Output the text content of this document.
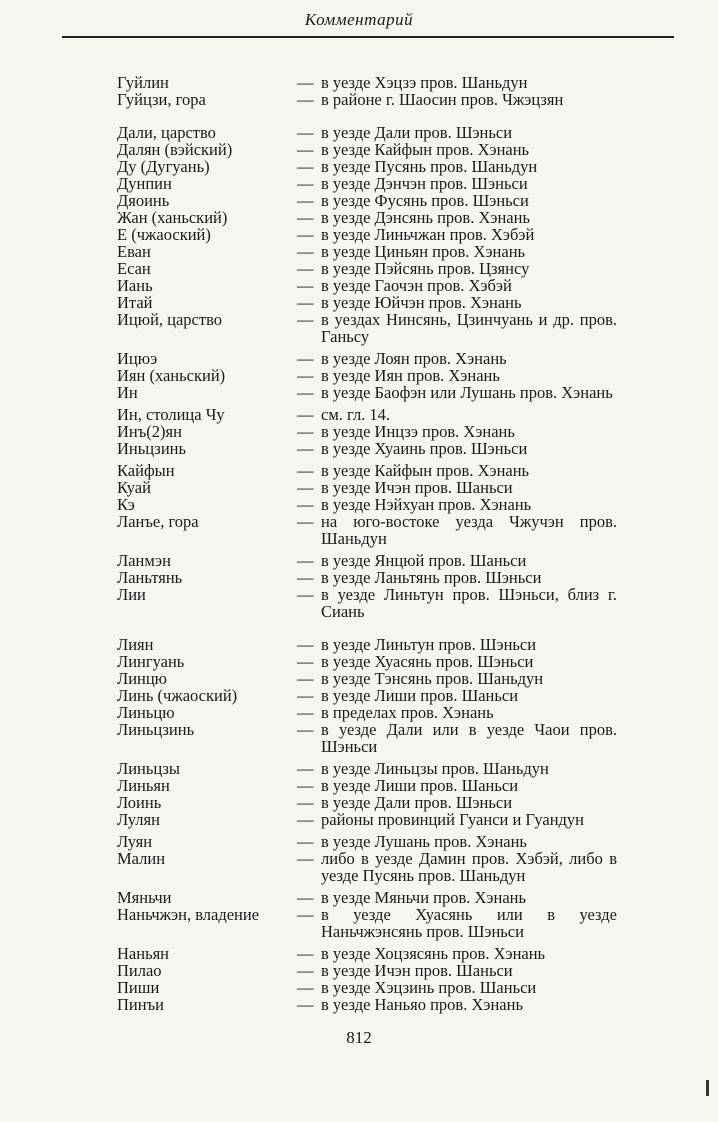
Комментарий
Гуйлин	— в уезде Хэцзэ пров. Шаньдун
Гуйцзи, гора	— в районе г. Шаосин пров. Чжэцзян
Дали, царство	— в уезде Дали пров. Шэньси
Далян (вэйский)	— в уезде Кайфын пров. Хэнань
Ду (Дугуань)	— в уезде Пусянь пров. Шаньдун
Дунпин	— в уезде Дэнчэн пров. Шэньси
Дяоинь	— в уезде Фусянь пров. Шэньси
Жан (ханьский)	— в уезде Дэнсянь пров. Хэнань
Е (чжаоский)	— в уезде Линьчжан пров. Хэбэй
Еван	— в уезде Циньян пров. Хэнань
Есан	— в уезде Пэйсянь пров. Цзянсу
Иань	— в уезде Гаочэн пров. Хэбэй
Итай	— в уезде Юйчэн пров. Хэнань
Ицюй, царство	— в уездах Нинсянь, Цзинчуань и др. пров. Ганьсу
Ицюэ	— в уезде Лоян пров. Хэнань
Иян (ханьский)	— в уезде Иян пров. Хэнань
Ин	— в уезде Баофэн или Лушань пров. Хэнань
Ин, столица Чу	— см. гл. 14.
Инъ(2)ян	— в уезде Инцзэ пров. Хэнань
Иньцзинь	— в уезде Хуаинь пров. Шэньси
Кайфын	— в уезде Кайфын пров. Хэнань
Куай	— в уезде Ичэн пров. Шаньси
Кэ	— в уезде Нэйхуан пров. Хэнань
Ланъе, гора	— на юго-востоке уезда Чжучэн пров. Шаньдун
Ланмэн	— в уезде Янцюй пров. Шаньси
Ланьтянь	— в уезде Ланьтянь пров. Шэньси
Лии	— в уезде Линьтун пров. Шэньси, близ г. Сиань
Лиян	— в уезде Линьтун пров. Шэньси
Лингуань	— в уезде Хуасянь пров. Шэньси
Линцю	— в уезде Тэнсянь пров. Шаньдун
Линь (чжаоский)	— в уезде Лиши пров. Шаньси
Линьцю	— в пределах пров. Хэнань
Линьцзинь	— в уезде Дали или в уезде Чаои пров. Шэньси
Линьцзы	— в уезде Линьцзы пров. Шаньдун
Линьян	— в уезде Лиши пров. Шаньси
Лоинь	— в уезде Дали пров. Шэньси
Лулян	— районы провинций Гуанси и Гуандун
Луян	— в уезде Лушань пров. Хэнань
Малин	— либо в уезде Дамин пров. Хэбэй, либо в уезде Пусянь пров. Шаньдун
Мяньчи	— в уезде Мяньчи пров. Хэнань
Наньчжэн, владение	— в уезде Хуасянь или в уезде Наньчжэнсянь пров. Шэньси
Наньян	— в уезде Хоцзясянь пров. Хэнань
Пилао	— в уезде Ичэн пров. Шаньси
Пиши	— в уезде Хэцзинь пров. Шаньси
Пинъи	— в уезде Наньяо пров. Хэнань
812
